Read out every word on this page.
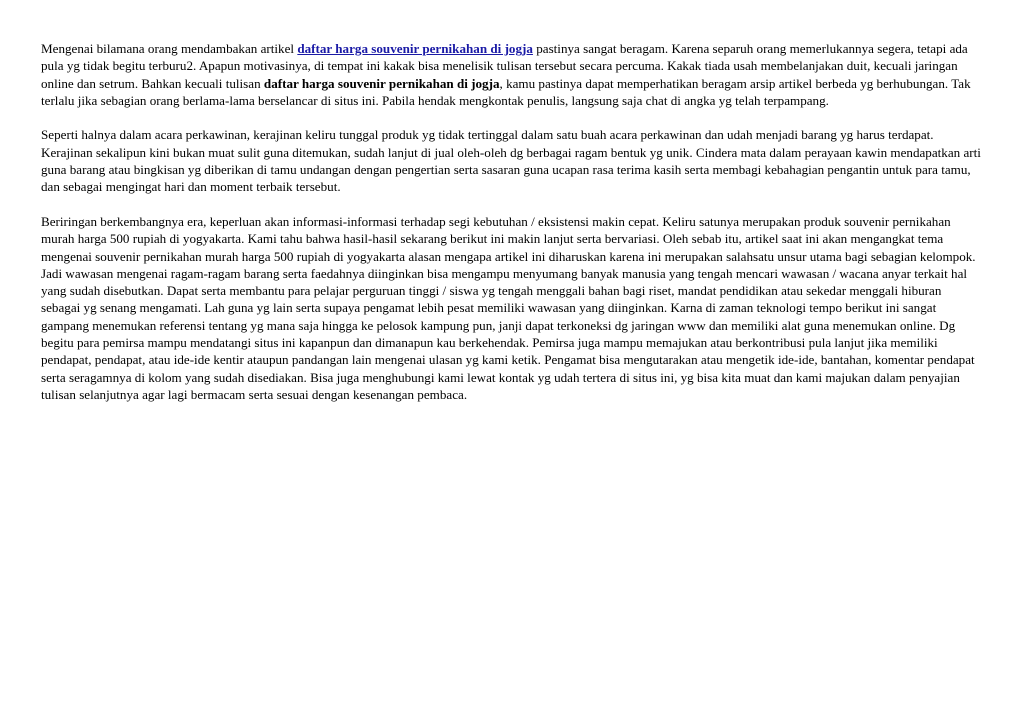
Mengenai bilamana orang mendambakan artikel daftar harga souvenir pernikahan di jogja pastinya sangat beragam. Karena separuh orang memerlukannya segera, tetapi ada pula yg tidak begitu terburu2. Apapun motivasinya, di tempat ini kakak bisa menelisik tulisan tersebut secara percuma. Kakak tiada usah membelanjakan duit, kecuali jaringan online dan setrum. Bahkan kecuali tulisan daftar harga souvenir pernikahan di jogja, kamu pastinya dapat memperhatikan beragam arsip artikel berbeda yg berhubungan. Tak terlalu jika sebagian orang berlama-lama berselancar di situs ini. Pabila hendak mengkontak penulis, langsung saja chat di angka yg telah terpampang.

Seperti halnya dalam acara perkawinan, kerajinan keliru tunggal produk yg tidak tertinggal dalam satu buah acara perkawinan dan udah menjadi barang yg harus terdapat. Kerajinan sekalipun kini bukan muat sulit guna ditemukan, sudah lanjut di jual oleh-oleh dg berbagai ragam bentuk yg unik. Cindera mata dalam perayaan kawin mendapatkan arti guna barang atau bingkisan yg diberikan di tamu undangan dengan pengertian serta sasaran guna ucapan rasa terima kasih serta membagi kebahagian pengantin untuk para tamu, dan sebagai mengingat hari dan moment terbaik tersebut.

Beriringan berkembangnya era, keperluan akan informasi-informasi terhadap segi kebutuhan / eksistensi makin cepat. Keliru satunya merupakan produk souvenir pernikahan murah harga 500 rupiah di yogyakarta. Kami tahu bahwa hasil-hasil sekarang berikut ini makin lanjut serta bervariasi. Oleh sebab itu, artikel saat ini akan mengangkat tema mengenai souvenir pernikahan murah harga 500 rupiah di yogyakarta alasan mengapa artikel ini diharuskan karena ini merupakan salahsatu unsur utama bagi sebagian kelompok. Jadi wawasan mengenai ragam-ragam barang serta faedahnya diinginkan bisa mengampu menyumang banyak manusia yang tengah mencari wawasan / wacana anyar terkait hal yang sudah disebutkan. Dapat serta membantu para pelajar perguruan tinggi / siswa yg tengah menggali bahan bagi riset, mandat pendidikan atau sekedar menggali hiburan sebagai yg senang mengamati. Lah guna yg lain serta supaya pengamat lebih pesat memiliki wawasan yang diinginkan. Karna di zaman teknologi tempo berikut ini sangat gampang menemukan referensi tentang yg mana saja hingga ke pelosok kampung pun, janji dapat terkoneksi dg jaringan www dan memiliki alat guna menemukan online. Dg begitu para pemirsa mampu mendatangi situs ini kapanpun dan dimanapun kau berkehendak. Pemirsa juga mampu memajukan atau berkontribusi pula lanjut jika memiliki pendapat, pendapat, atau ide-ide kentir ataupun pandangan lain mengenai ulasan yg kami ketik. Pengamat bisa mengutarakan atau mengetik ide-ide, bantahan, komentar pendapat serta seragamnya di kolom yang sudah disediakan. Bisa juga menghubungi kami lewat kontak yg udah tertera di situs ini, yg bisa kita muat dan kami majukan dalam penyajian tulisan selanjutnya agar lagi bermacam serta sesuai dengan kesenangan pembaca.
